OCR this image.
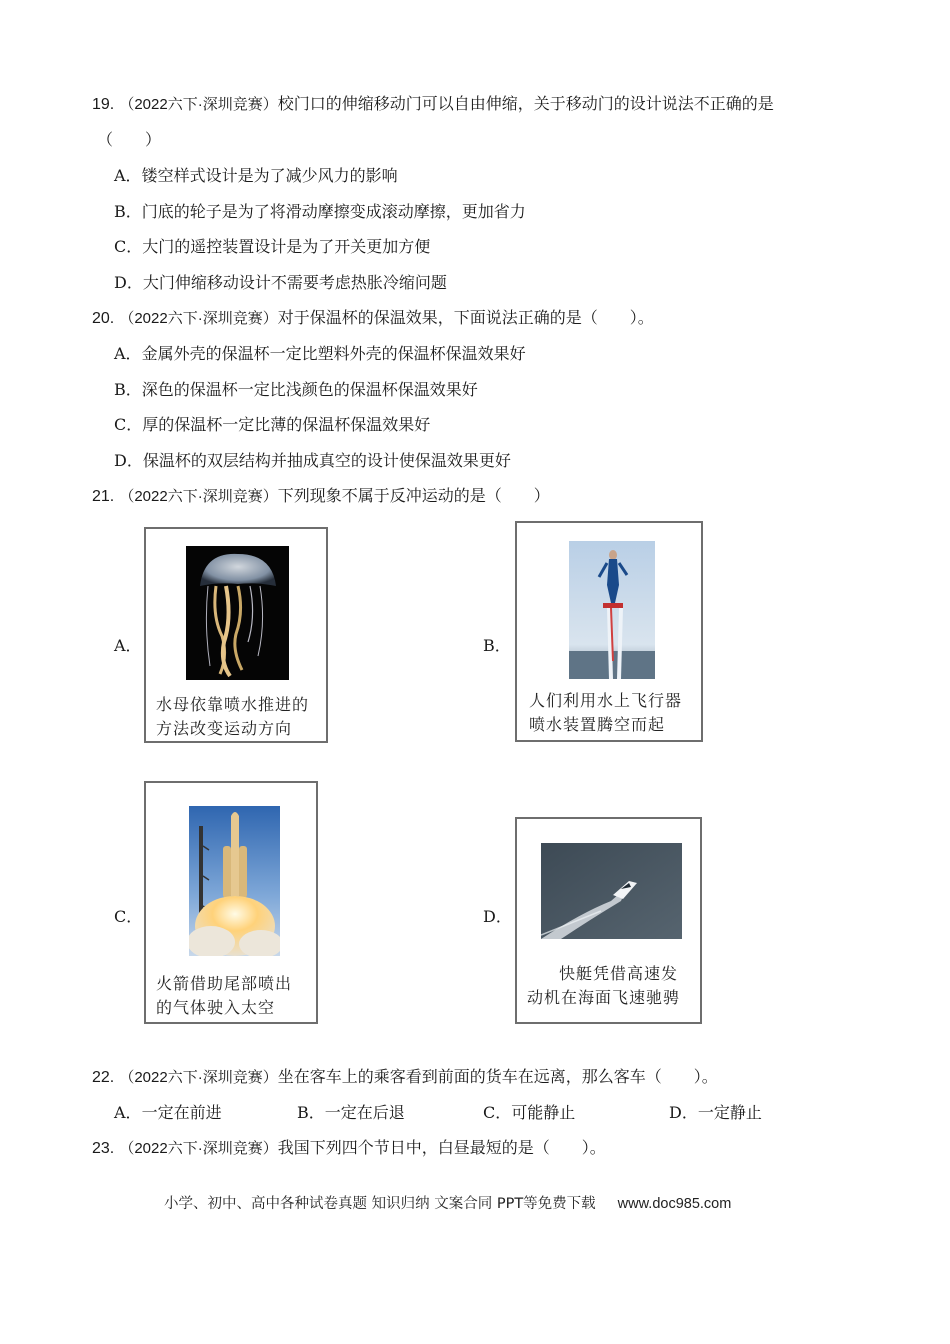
19. （2022六下·深圳竞赛）校门口的伸缩移动门可以自由伸缩，关于移动门的设计说法不正确的是
（　　）
A．镂空样式设计是为了减少风力的影响
B．门底的轮子是为了将滑动摩擦变成滚动摩擦，更加省力
C．大门的遥控装置设计是为了开关更加方便
D．大门伸缩移动设计不需要考虑热胀冷缩问题
20. （2022六下·深圳竞赛）对于保温杯的保温效果，下面说法正确的是（　　）。
A．金属外壳的保温杯一定比塑料外壳的保温杯保温效果好
B．深色的保温杯一定比浅颜色的保温杯保温效果好
C．厚的保温杯一定比薄的保温杯保温效果好
D．保温杯的双层结构并抽成真空的设计使保温效果更好
21. （2022六下·深圳竞赛）下列现象不属于反冲运动的是（　　）
A．
水母依靠喷水推进的
方法改变运动方向
B．
人们利用水上飞行器
喷水装置腾空而起
C．
火箭借助尾部喷出
的气体驶入太空
D．
快艇凭借高速发
动机在海面飞速驰骋
22. （2022六下·深圳竞赛）坐在客车上的乘客看到前面的货车在远离，那么客车（　　）。
A．一定在前进	B．一定在后退	C．可能静止	D．一定静止
23. （2022六下·深圳竞赛）我国下列四个节日中，白昼最短的是（　　）。
小学、初中、高中各种试卷真题 知识归纳 文案合同 PPT等免费下载 www.doc985.com
